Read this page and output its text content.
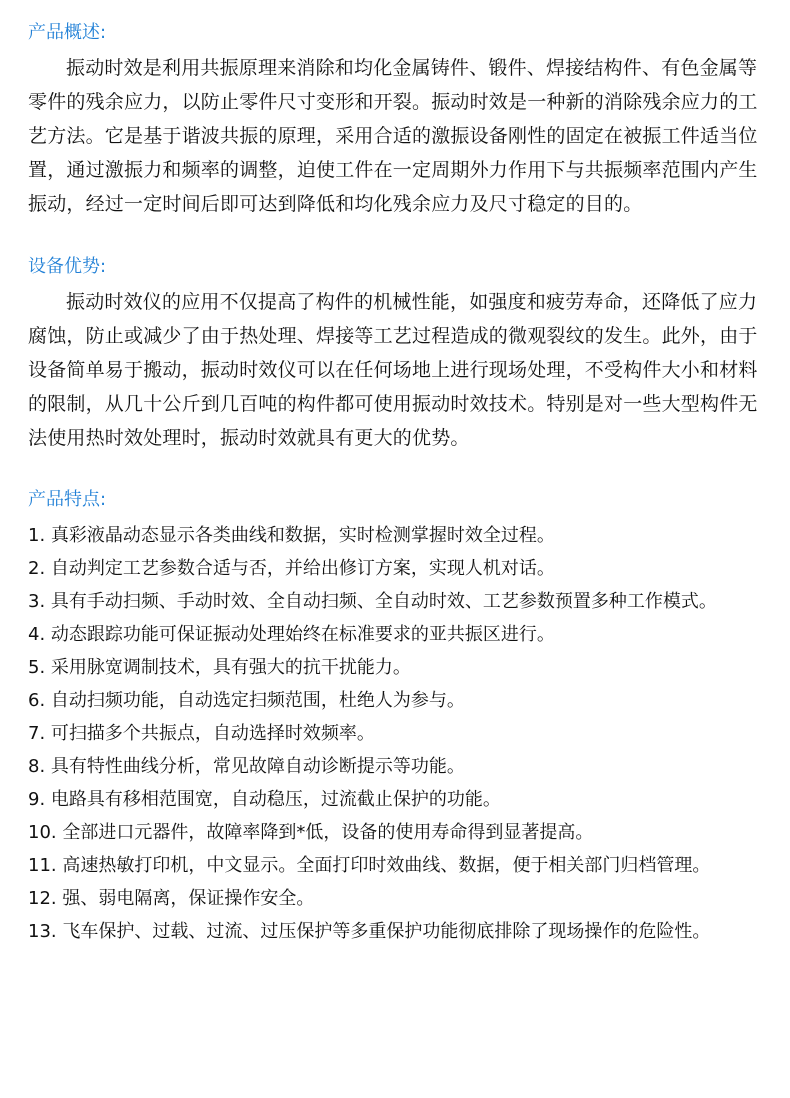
产品概述:

振动时效是利用共振原理来消除和均化金属铸件、锻件、焊接结构件、有色金属等零件的残余应力，以防止零件尺寸变形和开裂。振动时效是一种新的消除残余应力的工艺方法。它是基于谐波共振的原理，采用合适的激振设备刚性的固定在被振工件适当位置，通过激振力和频率的调整，迫使工件在一定周期外力作用下与共振频率范围内产生振动，经过一定时间后即可达到降低和均化残余应力及尺寸稳定的目的。

设备优势:

振动时效仪的应用不仅提高了构件的机械性能，如强度和疲劳寿命，还降低了应力腐蚀，防止或减少了由于热处理、焊接等工艺过程造成的微观裂纹的发生。此外，由于设备简单易于搬动，振动时效仪可以在任何场地上进行现场处理，不受构件大小和材料的限制，从几十公斤到几百吨的构件都可使用振动时效技术。特别是对一些大型构件无法使用热时效处理时，振动时效就具有更大的优势。

产品特点:
1. 真彩液晶动态显示各类曲线和数据，实时检测掌握时效全过程。
2. 自动判定工艺参数合适与否，并给出修订方案，实现人机对话。
3. 具有手动扫频、手动时效、全自动扫频、全自动时效、工艺参数预置多种工作模式。
4. 动态跟踪功能可保证振动处理始终在标准要求的亚共振区进行。
5. 采用脉宽调制技术，具有强大的抗干扰能力。
6. 自动扫频功能，自动选定扫频范围，杜绝人为参与。
7. 可扫描多个共振点，自动选择时效频率。
8. 具有特性曲线分析，常见故障自动诊断提示等功能。
9. 电路具有移相范围宽，自动稳压，过流截止保护的功能。
10. 全部进口元器件，故障率降到*低，设备的使用寿命得到显著提高。
11. 高速热敏打印机，中文显示。全面打印时效曲线、数据，便于相关部门归档管理。
12. 强、弱电隔离，保证操作安全。
13. 飞车保护、过载、过流、过压保护等多重保护功能彻底排除了现场操作的危险性。
